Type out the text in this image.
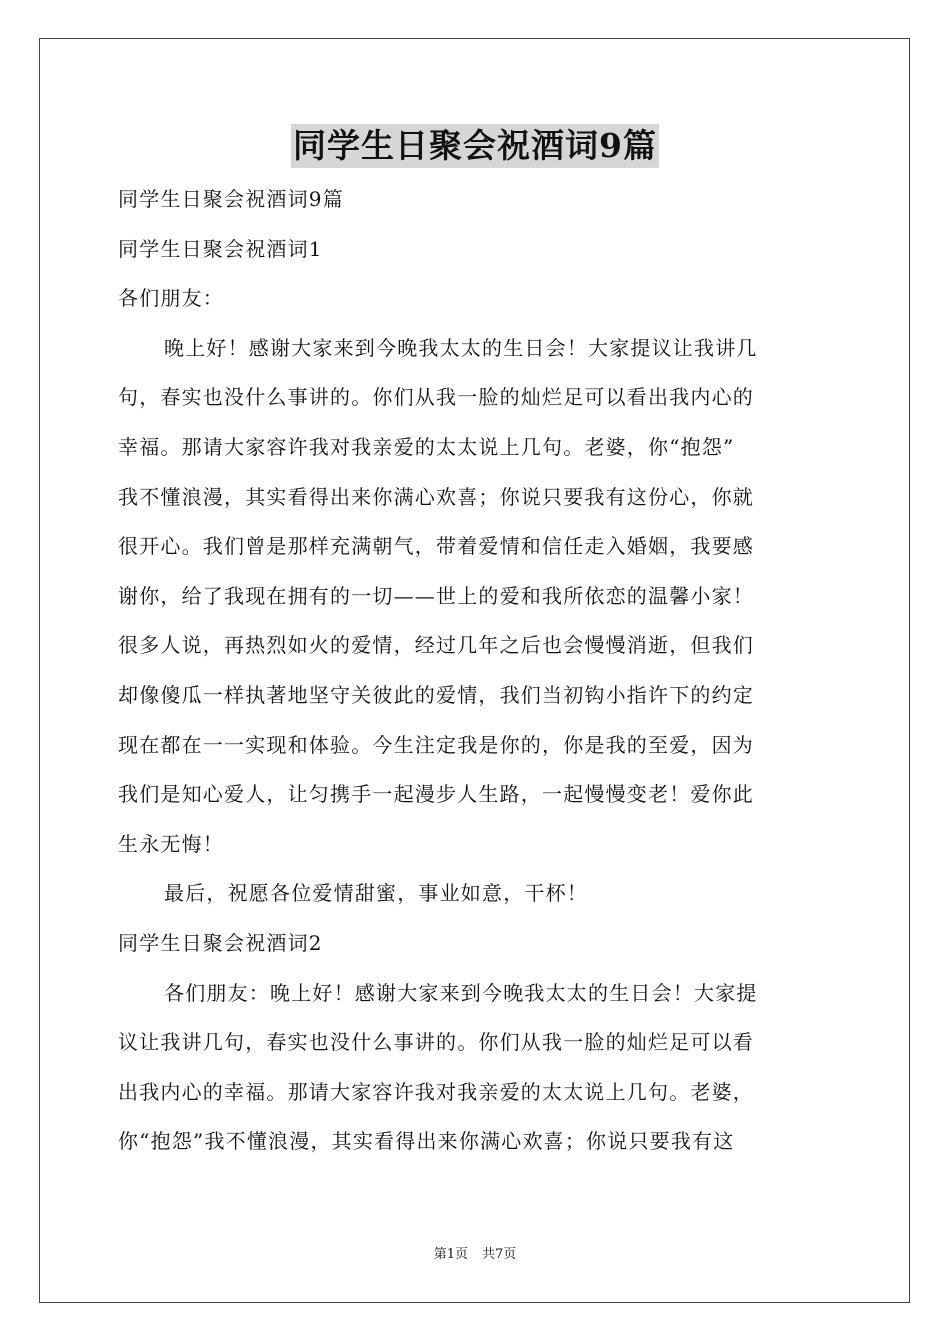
同学生日聚会祝酒词9篇
同学生日聚会祝酒词9篇
同学生日聚会祝酒词1
各们朋友：
晚上好！感谢大家来到今晚我太太的生日会！大家提议让我讲几
句，春实也没什么事讲的。你们从我一脸的灿烂足可以看出我内心的
幸福。那请大家容许我对我亲爱的太太说上几句。老婆，你“抱怨”
我不懂浪漫，其实看得出来你满心欢喜；你说只要我有这份心，你就
很开心。我们曾是那样充满朝气，带着爱情和信任走入婚姻，我要感
谢你，给了我现在拥有的一切——世上的爱和我所依恋的温馨小家！
很多人说，再热烈如火的爱情，经过几年之后也会慢慢消逝，但我们
却像傻瓜一样执著地坚守关彼此的爱情，我们当初钩小指许下的约定
现在都在一一实现和体验。今生注定我是你的，你是我的至爱，因为
我们是知心爱人，让匀携手一起漫步人生路，一起慢慢变老！爱你此
生永无悔！
最后，祝愿各位爱情甜蜜，事业如意，干杯！
同学生日聚会祝酒词2
各们朋友：晚上好！感谢大家来到今晚我太太的生日会！大家提
议让我讲几句，春实也没什么事讲的。你们从我一脸的灿烂足可以看
出我内心的幸福。那请大家容许我对我亲爱的太太说上几句。老婆，
你“抱怨”我不懂浪漫，其实看得出来你满心欢喜；你说只要我有这
第1页 共7页
